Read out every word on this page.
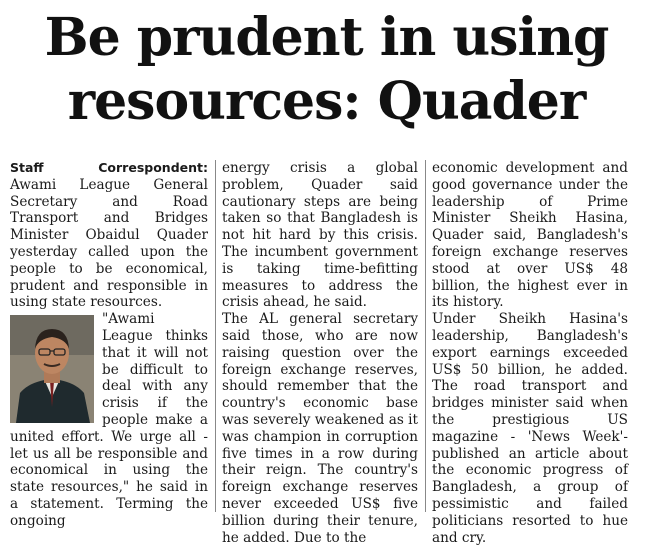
Be prudent in using
resources: Quader

Staff Correspondent: Awami League General Secretary and Road Transport and Bridges Minister Obaidul Quader yesterday called upon the people to be economical, prudent and responsible in using state resources.

"Awami League thinks that it will not be difficult to deal with any crisis if the people make a united effort. We urge all - let us all be responsible and economical in using the state resources," he said in a statement. Terming the ongoing

energy crisis a global problem, Quader said cautionary steps are being taken so that Bangladesh is not hit hard by this crisis. The incumbent government is taking time-befitting measures to address the crisis ahead, he said.

The AL general secretary said those, who are now raising question over the foreign exchange reserves, should remember that the country's economic base was severely weakened as it was champion in corruption five times in a row during their reign. The country's foreign exchange reserves never exceeded US$ five billion during their tenure, he added. Due to the

economic development and good governance under the leadership of Prime Minister Sheikh Hasina, Quader said, Bangladesh's foreign exchange reserves stood at over US$ 48 billion, the highest ever in its history.

Under Sheikh Hasina's leadership, Bangladesh's export earnings exceeded US$ 50 billion, he added. The road transport and bridges minister said when the prestigious US magazine - 'News Week'- published an article about the economic progress of Bangladesh, a group of pessimistic and failed politicians resorted to hue and cry.
